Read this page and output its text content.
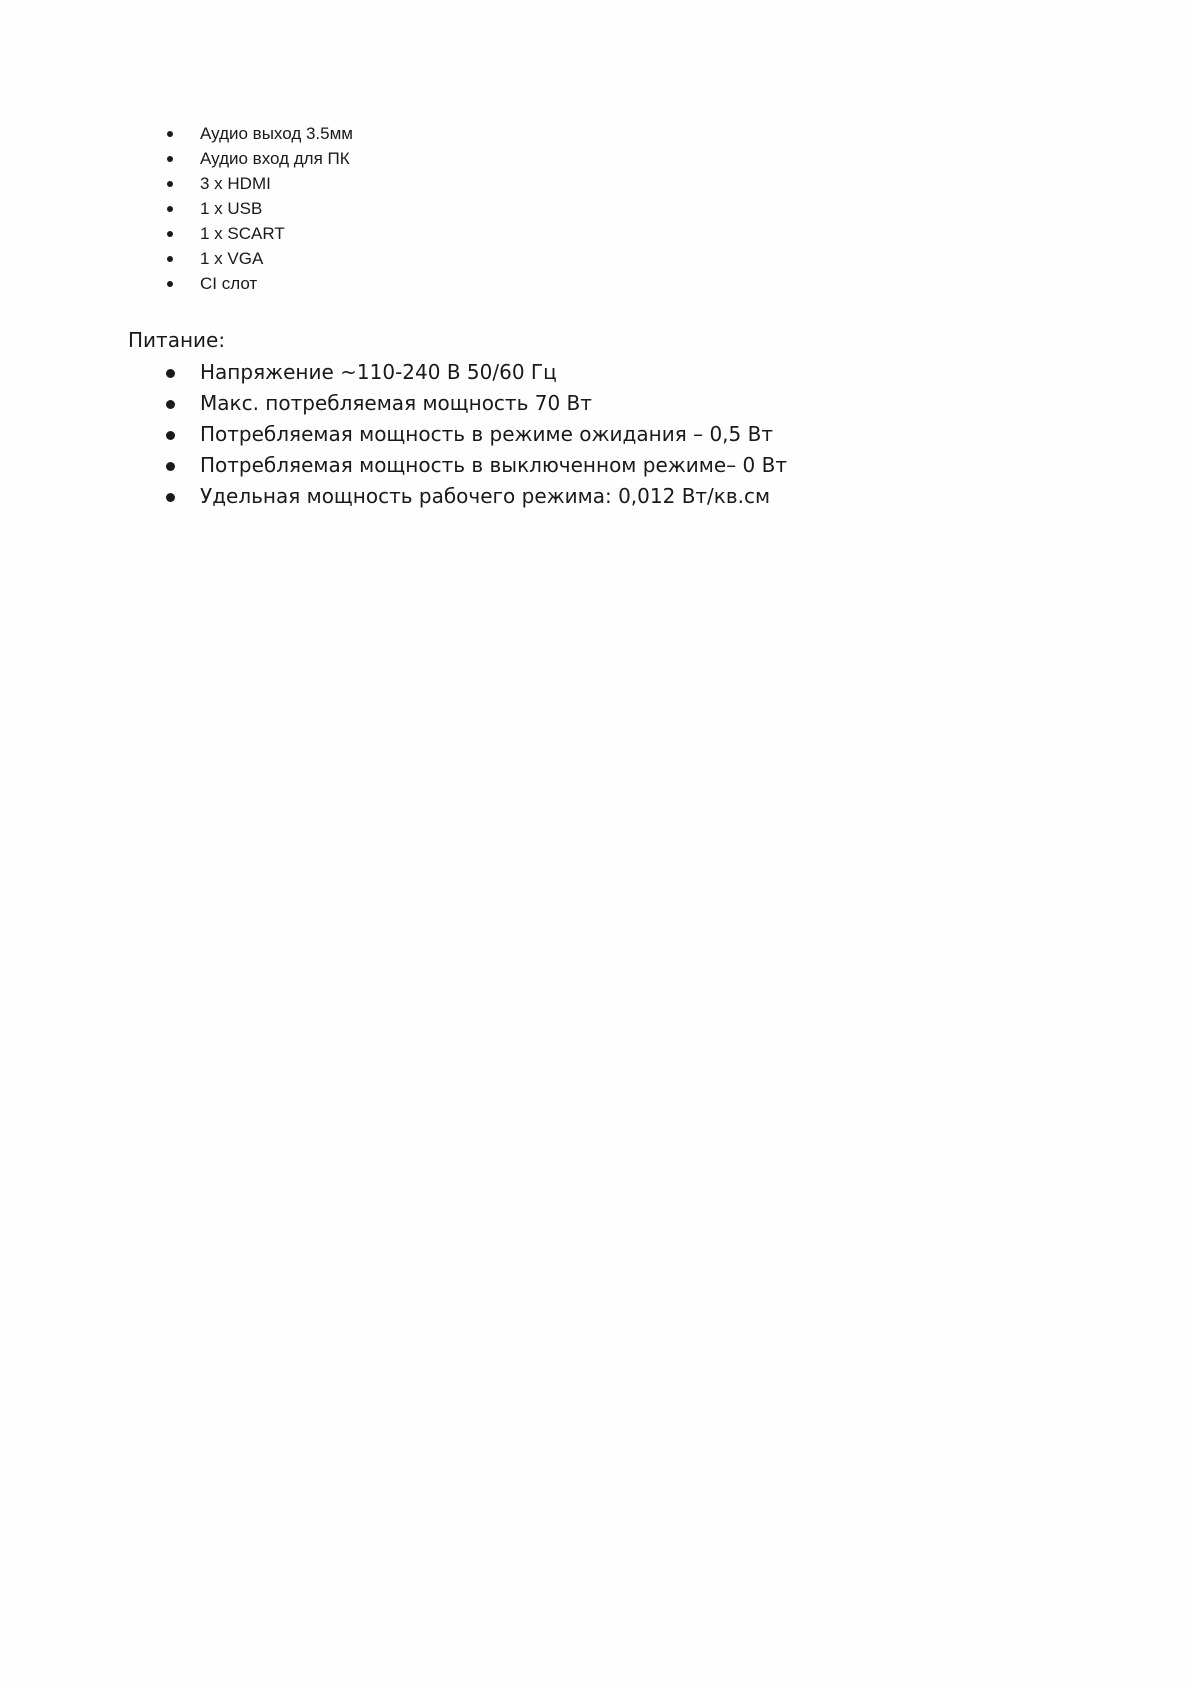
Аудио выход 3.5мм
Аудио вход для ПК
3 x HDMI
1 x USB
1 x SCART
1 x VGA
CI слот
Питание:
Напряжение ~110-240 В 50/60 Гц
Макс. потребляемая мощность 70 Вт
Потребляемая мощность в режиме ожидания – 0,5 Вт
Потребляемая мощность в выключенном режиме– 0 Вт
Удельная мощность рабочего режима: 0,012 Вт/кв.см
